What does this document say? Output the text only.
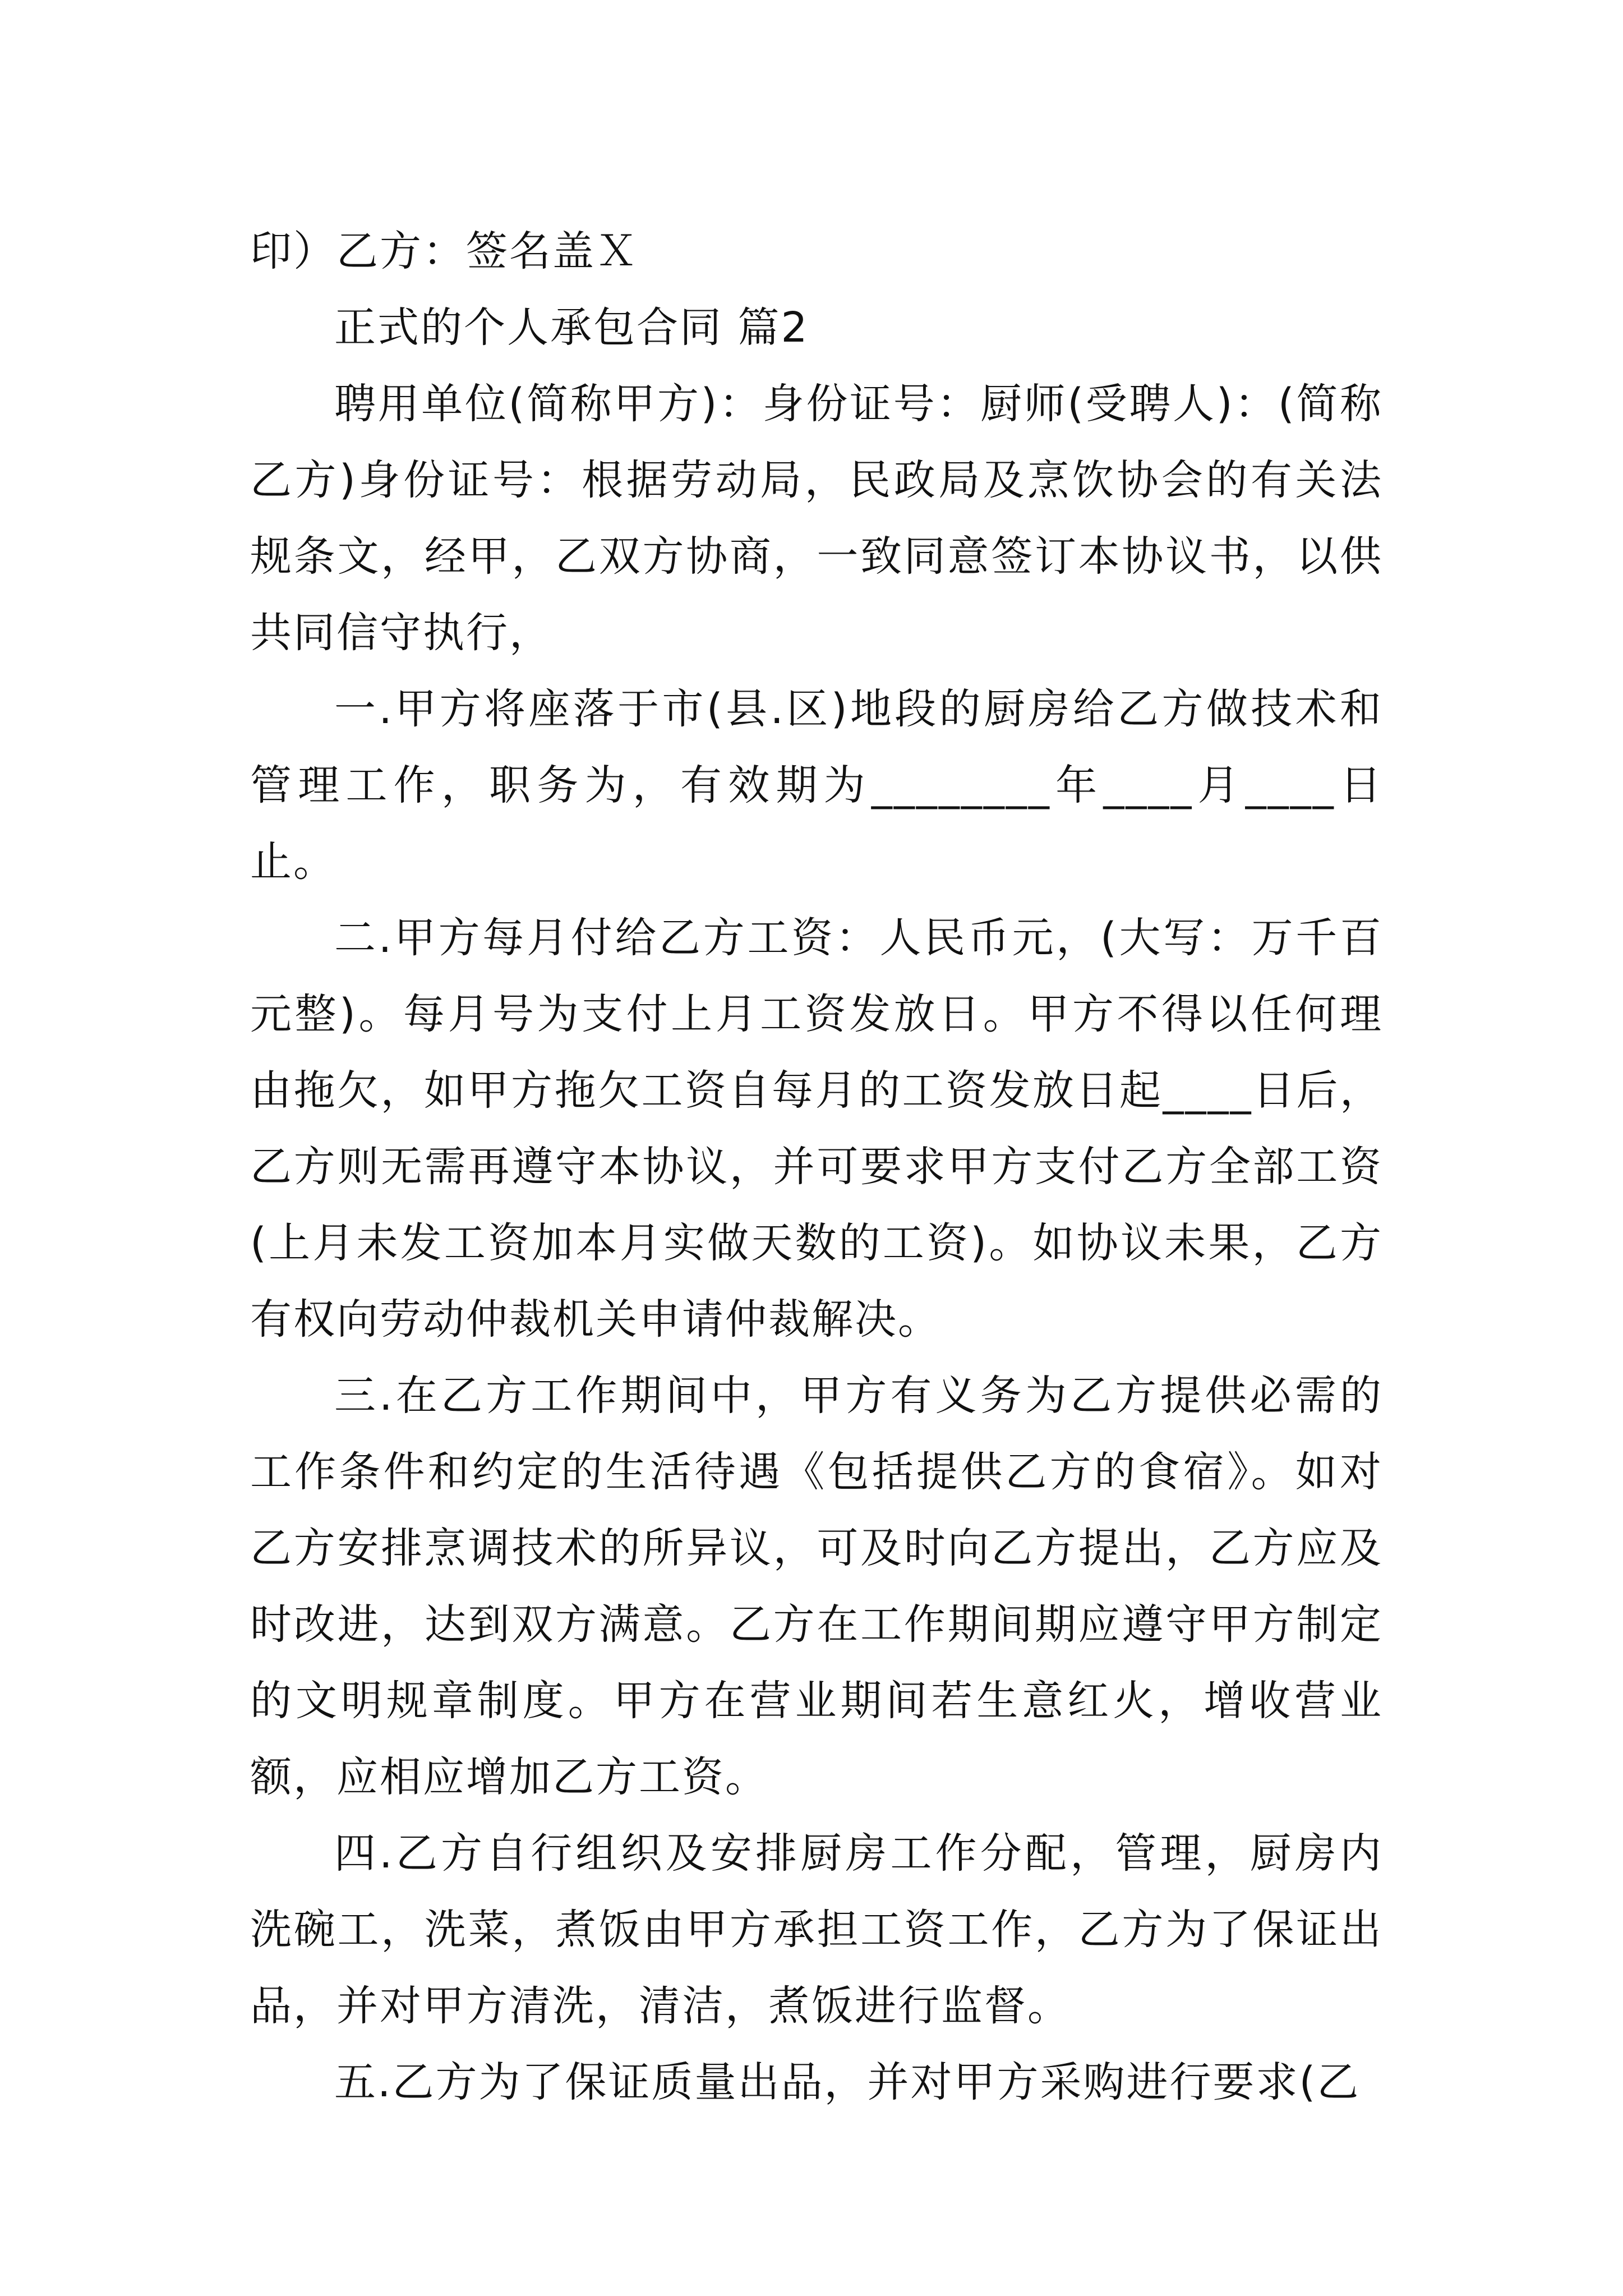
印）乙方：签名盖Ｘ

正式的个人承包合同 篇2

聘用单位(简称甲方)：身份证号：厨师(受聘人)：(简称乙方)身份证号：根据劳动局，民政局及烹饮协会的有关法规条文，经甲，乙双方协商，一致同意签订本协议书，以供共同信守执行，

一.甲方将座落于市(县.区)地段的厨房给乙方做技术和管理工作，职务为，有效期为________年____月____日止。

二.甲方每月付给乙方工资：人民币元，(大写：万千百元整)。每月号为支付上月工资发放日。甲方不得以任何理由拖欠，如甲方拖欠工资自每月的工资发放日起____日后，乙方则无需再遵守本协议，并可要求甲方支付乙方全部工资(上月未发工资加本月实做天数的工资)。如协议未果，乙方有权向劳动仲裁机关申请仲裁解决。

三.在乙方工作期间中，甲方有义务为乙方提供必需的工作条件和约定的生活待遇《包括提供乙方的食宿》。如对乙方安排烹调技术的所异议，可及时向乙方提出，乙方应及时改进，达到双方满意。乙方在工作期间期应遵守甲方制定的文明规章制度。甲方在营业期间若生意红火，增收营业额，应相应增加乙方工资。

四.乙方自行组织及安排厨房工作分配，管理，厨房内洗碗工，洗菜，煮饭由甲方承担工资工作，乙方为了保证出品，并对甲方清洗，清洁，煮饭进行监督。

五.乙方为了保证质量出品，并对甲方采购进行要求(乙
